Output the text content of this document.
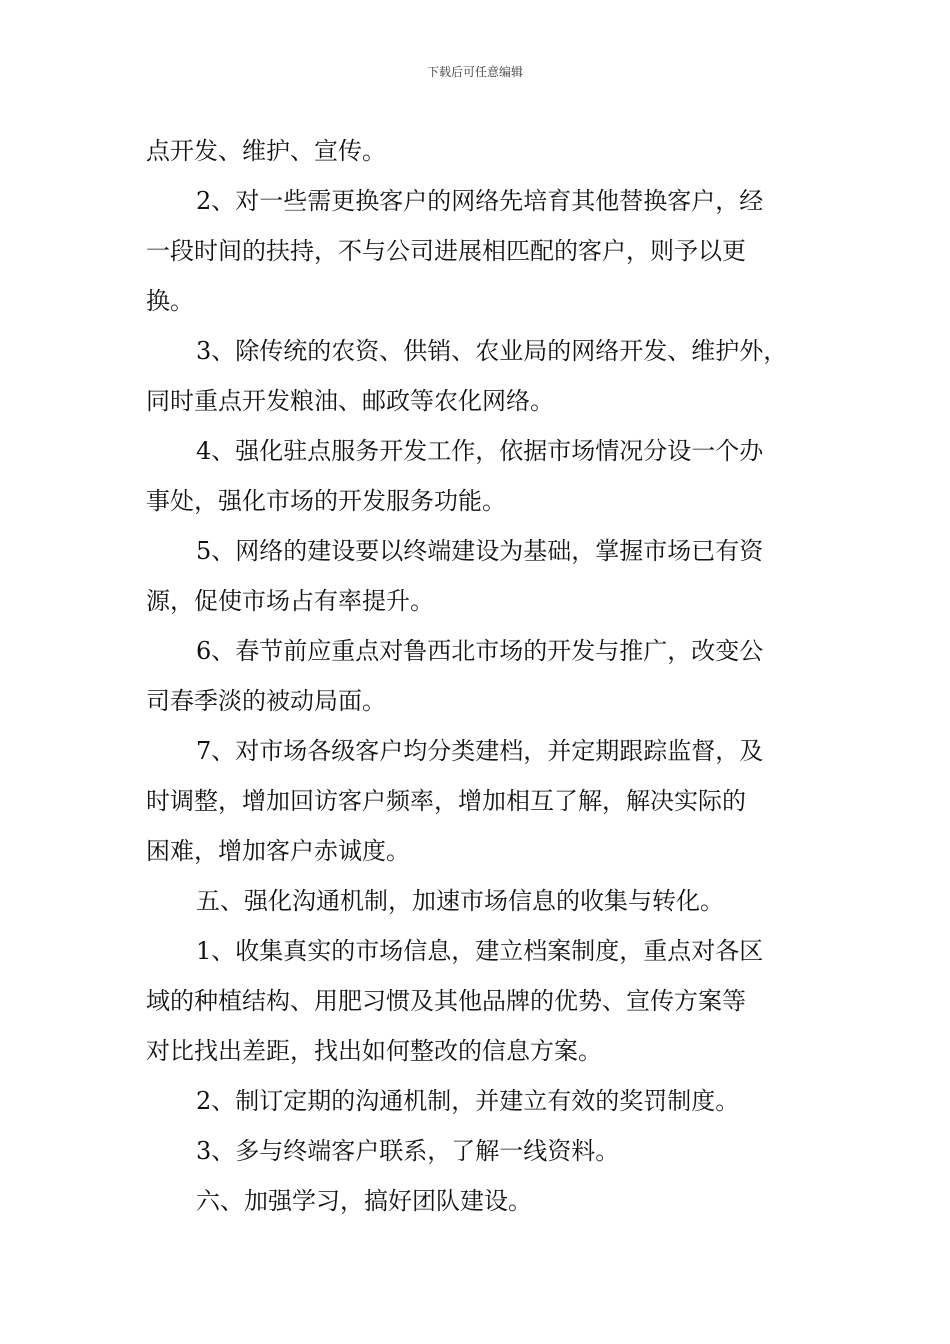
下载后可任意编辑
点开发、维护、宣传。
2、对一些需更换客户的网络先培育其他替换客户，经
一段时间的扶持，不与公司进展相匹配的客户，则予以更
换。
3、除传统的农资、供销、农业局的网络开发、维护外，
同时重点开发粮油、邮政等农化网络。
4、强化驻点服务开发工作，依据市场情况分设一个办
事处，强化市场的开发服务功能。
5、网络的建设要以终端建设为基础，掌握市场已有资
源，促使市场占有率提升。
6、春节前应重点对鲁西北市场的开发与推广，改变公
司春季淡的被动局面。
7、对市场各级客户均分类建档，并定期跟踪监督，及
时调整，增加回访客户频率，增加相互了解，解决实际的
困难，增加客户赤诚度。
五、强化沟通机制，加速市场信息的收集与转化。
1、收集真实的市场信息，建立档案制度，重点对各区
域的种植结构、用肥习惯及其他品牌的优势、宣传方案等
对比找出差距，找出如何整改的信息方案。
2、制订定期的沟通机制，并建立有效的奖罚制度。
3、多与终端客户联系，了解一线资料。
六、加强学习，搞好团队建设。
